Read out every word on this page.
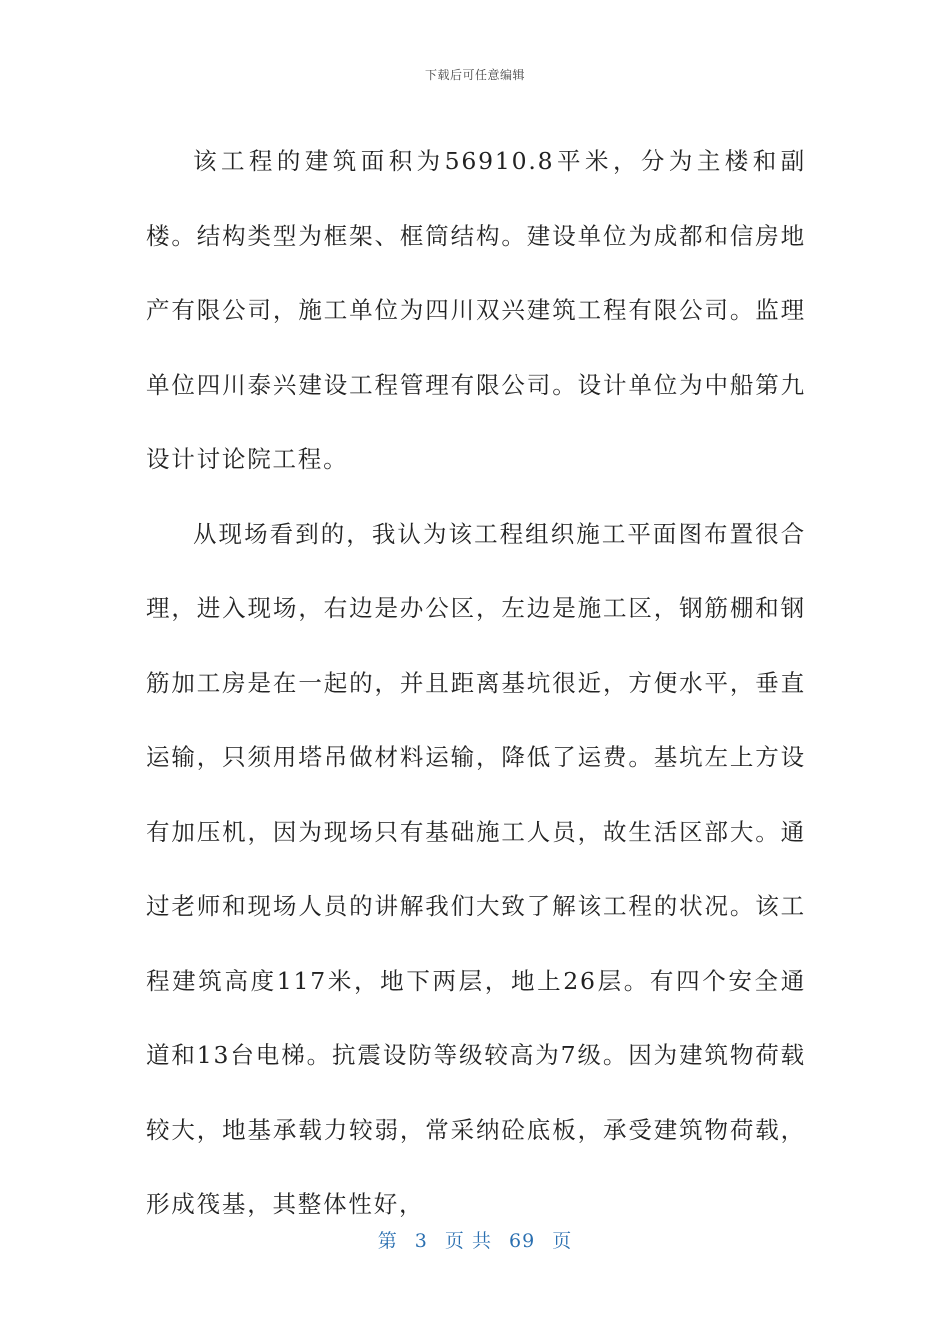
下载后可任意编辑

该工程的建筑面积为56910.8平米，分为主楼和副楼。结构类型为框架、框筒结构。建设单位为成都和信房地产有限公司，施工单位为四川双兴建筑工程有限公司。监理单位四川泰兴建设工程管理有限公司。设计单位为中船第九设计讨论院工程。

从现场看到的，我认为该工程组织施工平面图布置很合理，进入现场，右边是办公区，左边是施工区，钢筋棚和钢筋加工房是在一起的，并且距离基坑很近，方便水平，垂直运输，只须用塔吊做材料运输，降低了运费。基坑左上方设有加压机，因为现场只有基础施工人员，故生活区部大。通过老师和现场人员的讲解我们大致了解该工程的状况。该工程建筑高度117米，地下两层，地上26层。有四个安全通道和13台电梯。抗震设防等级较高为7级。因为建筑物荷载较大，地基承载力较弱，常采纳砼底板，承受建筑物荷载，形成筏基，其整体性好，

第 3 页 共 69 页
